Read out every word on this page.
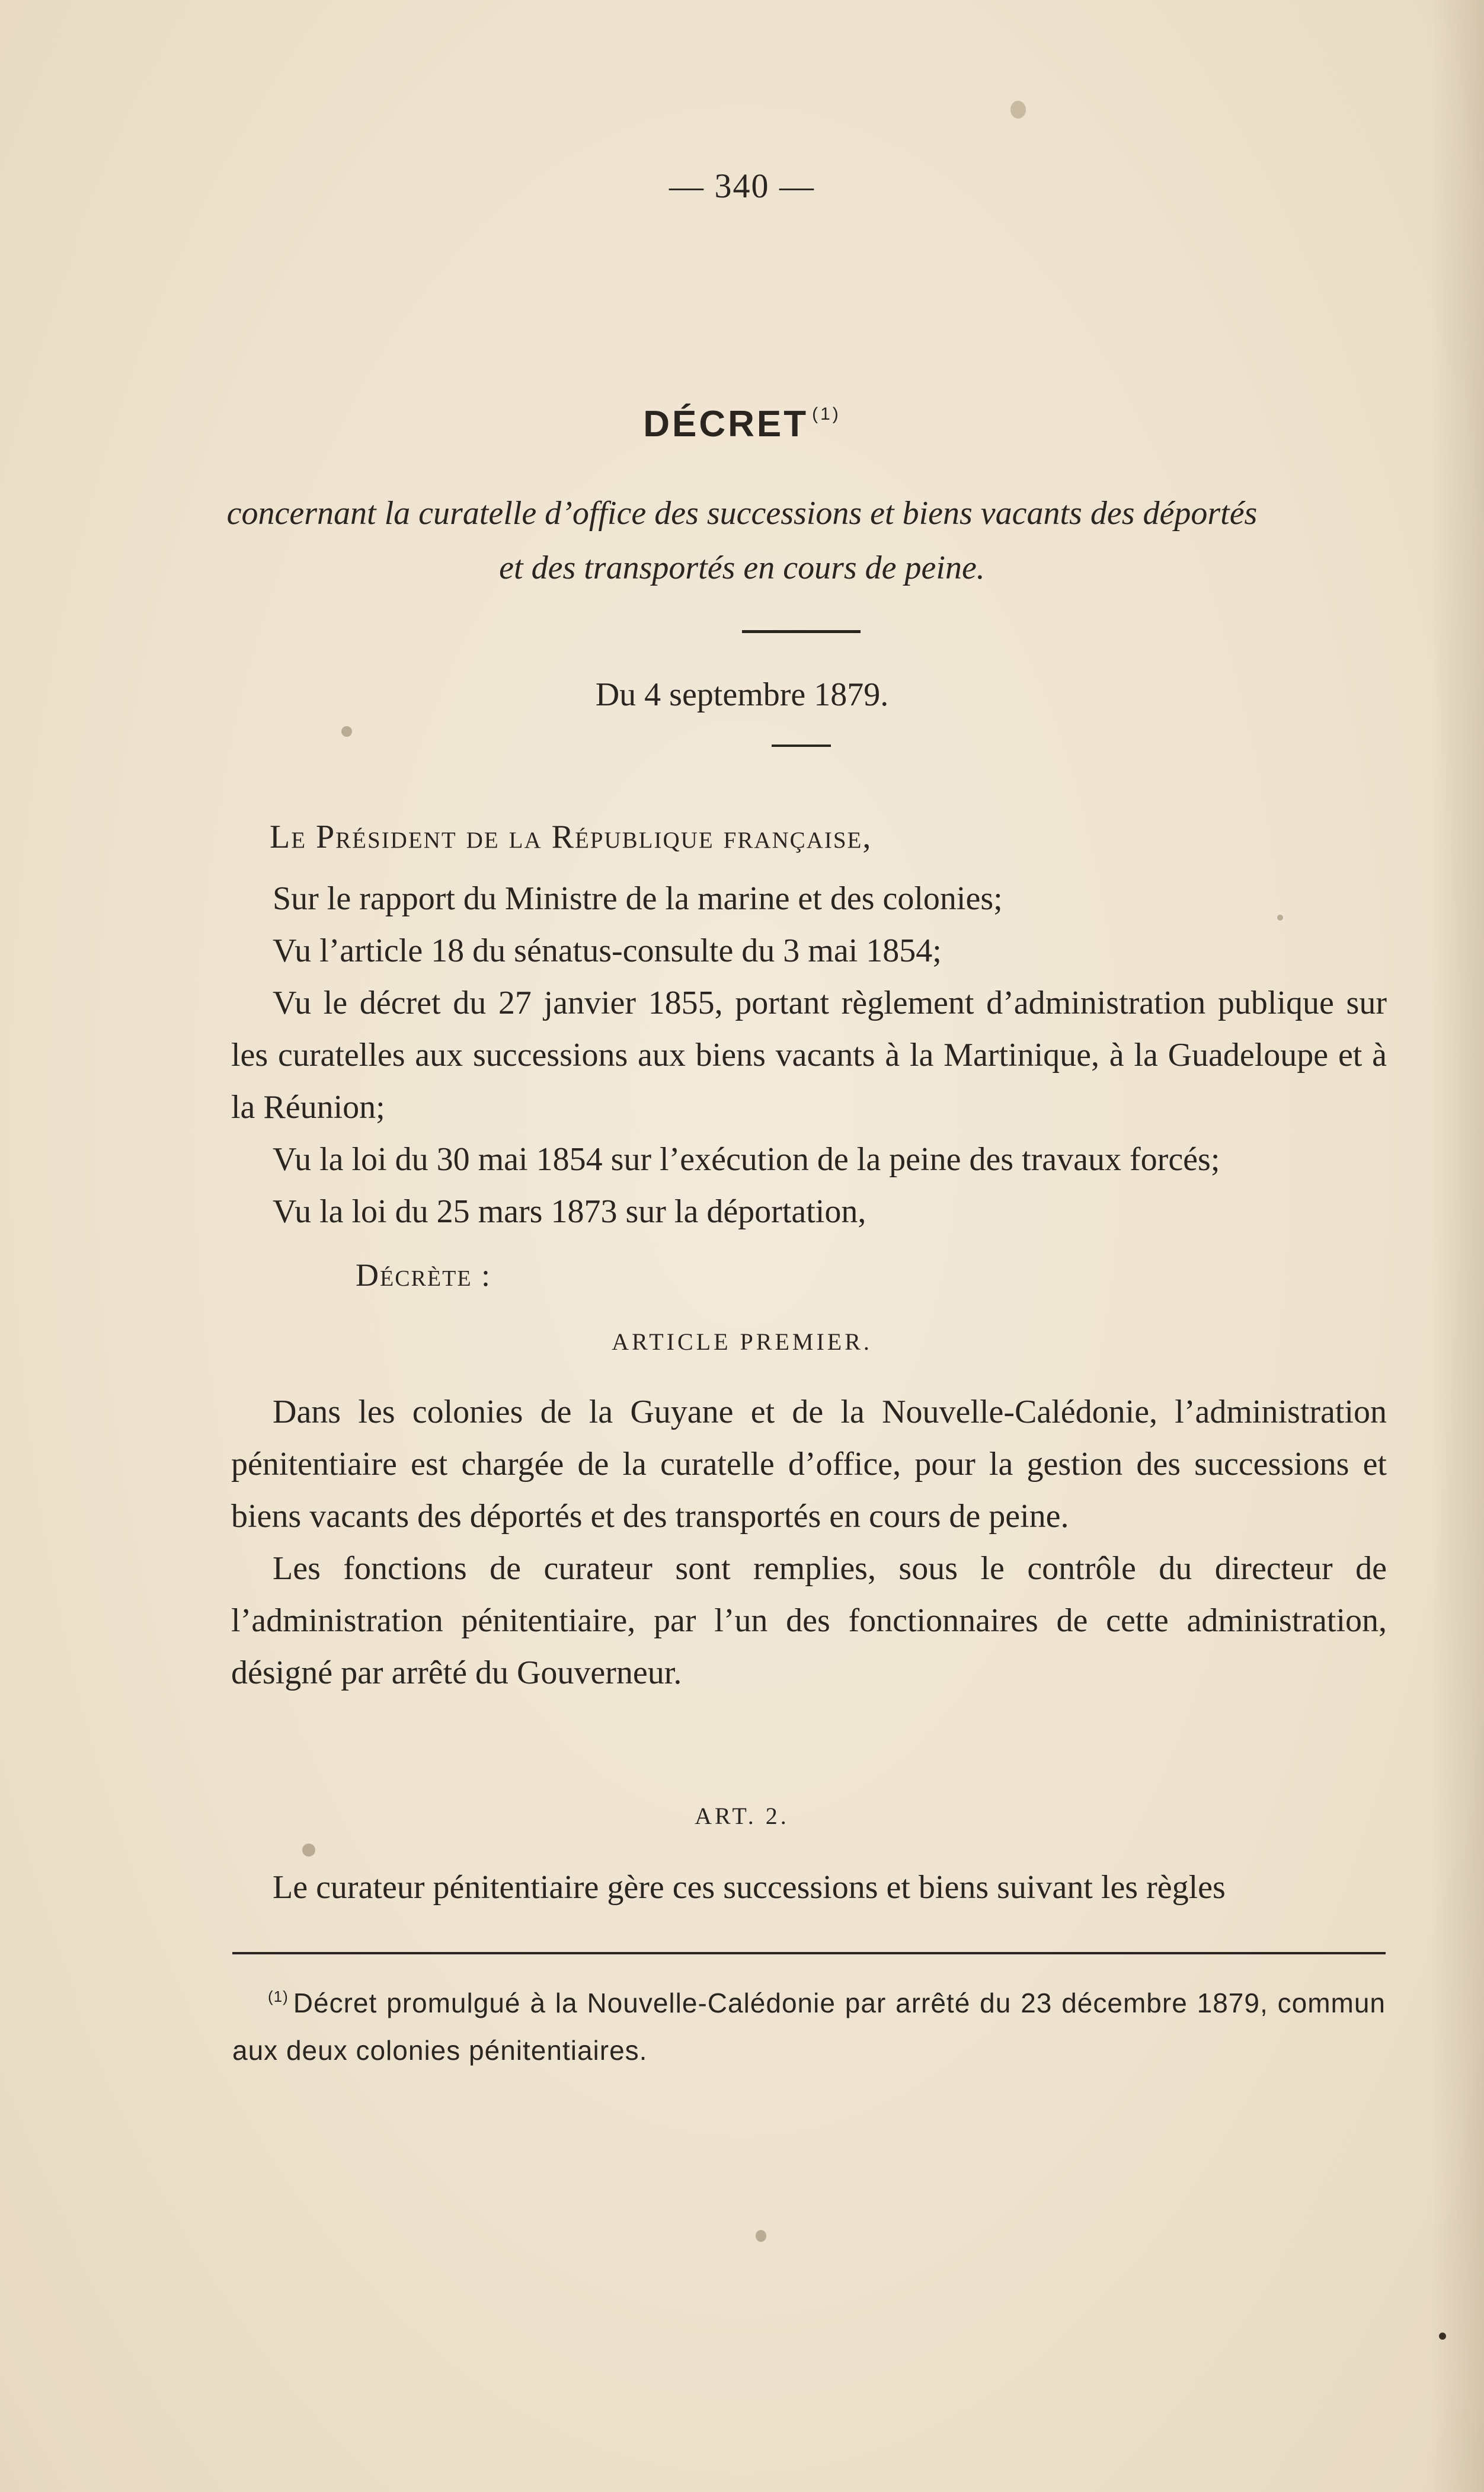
— 340 —
DÉCRET $^{(1)}$
concernant la curatelle d’office des successions et biens vacants des déportés
et des transportés en cours de peine.
Du 4 septembre 1879.
Le Président de la République française,

Sur le rapport du Ministre de la marine et des colonies;

Vu l’article 18 du sénatus-consulte du 3 mai 1854;

Vu le décret du 27 janvier 1855, portant règlement d’administration publique sur les curatelles aux successions aux biens vacants à la Martinique, à la Guadeloupe et à la Réunion;

Vu la loi du 30 mai 1854 sur l’exécution de la peine des travaux forcés;

Vu la loi du 25 mars 1873 sur la déportation,

Décrète :
ARTICLE PREMIER.

Dans les colonies de la Guyane et de la Nouvelle-Calédonie, l’administration pénitentiaire est chargée de la curatelle d’office, pour la gestion des successions et biens vacants des déportés et des transportés en cours de peine.

Les fonctions de curateur sont remplies, sous le contrôle du directeur de l’administration pénitentiaire, par l’un des fonctionnaires de cette administration, désigné par arrêté du Gouverneur.

ART. 2.

Le curateur pénitentiaire gère ces successions et biens suivant les règles

$^{(1)}$ Décret promulgué à la Nouvelle-Calédonie par arrêté du 23 décembre 1879, commun aux deux colonies pénitentiaires.
